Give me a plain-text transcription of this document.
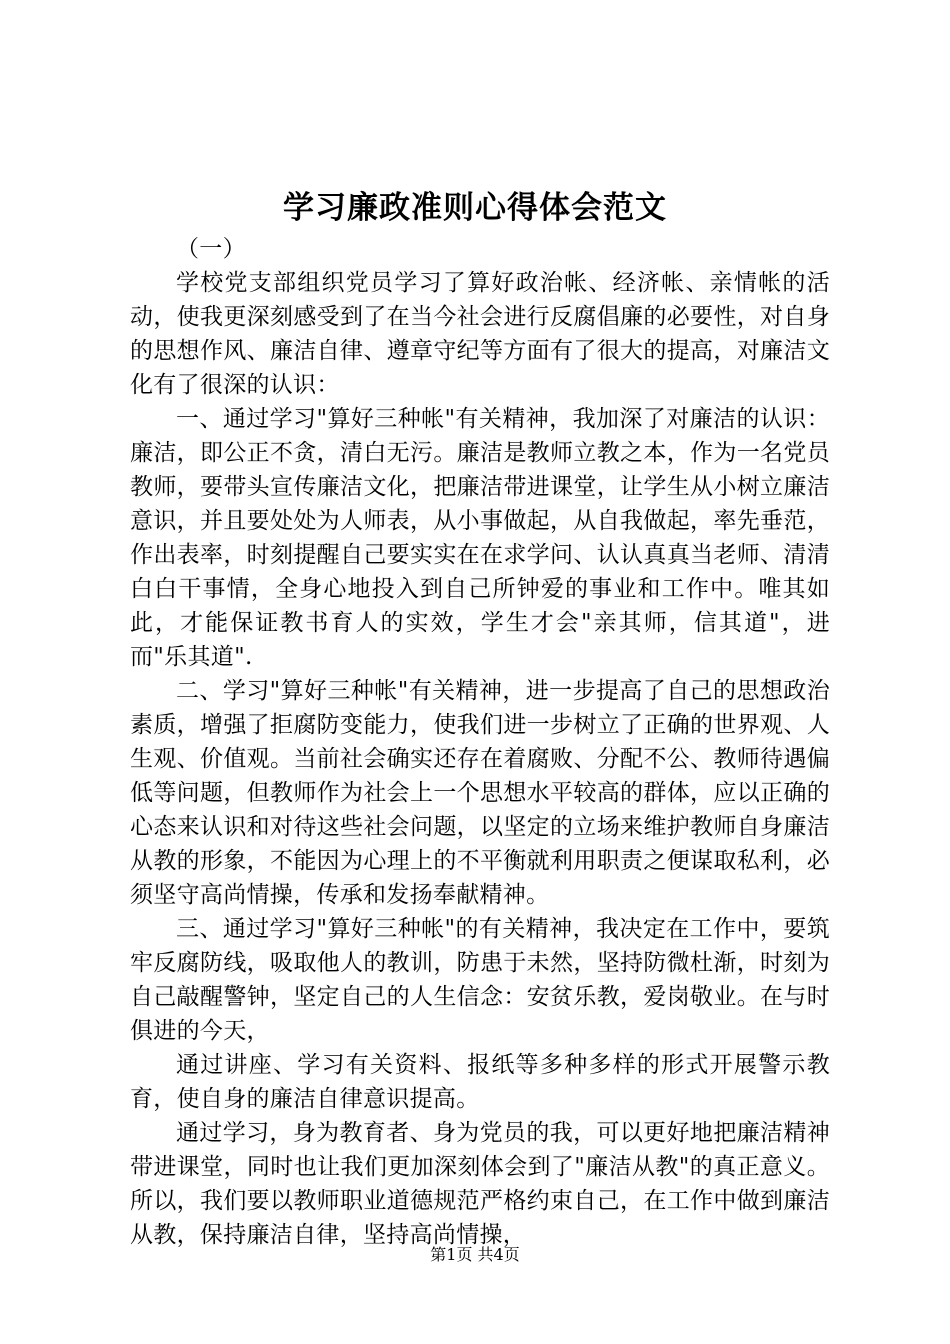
学习廉政准则心得体会范文

（一）

学校党支部组织党员学习了算好政治帐、经济帐、亲情帐的活动，使我更深刻感受到了在当今社会进行反腐倡廉的必要性，对自身的思想作风、廉洁自律、遵章守纪等方面有了很大的提高，对廉洁文化有了很深的认识：

一、通过学习"算好三种帐"有关精神，我加深了对廉洁的认识：廉洁，即公正不贪，清白无污。廉洁是教师立教之本，作为一名党员教师，要带头宣传廉洁文化，把廉洁带进课堂，让学生从小树立廉洁意识，并且要处处为人师表，从小事做起，从自我做起，率先垂范，作出表率，时刻提醒自己要实实在在求学问、认认真真当老师、清清白白干事情，全身心地投入到自己所钟爱的事业和工作中。唯其如此，才能保证教书育人的实效，学生才会"亲其师，信其道"，进而"乐其道".

二、学习"算好三种帐"有关精神，进一步提高了自己的思想政治素质，增强了拒腐防变能力，使我们进一步树立了正确的世界观、人生观、价值观。当前社会确实还存在着腐败、分配不公、教师待遇偏低等问题，但教师作为社会上一个思想水平较高的群体，应以正确的心态来认识和对待这些社会问题，以坚定的立场来维护教师自身廉洁从教的形象，不能因为心理上的不平衡就利用职责之便谋取私利，必须坚守高尚情操，传承和发扬奉献精神。

三、通过学习"算好三种帐"的有关精神，我决定在工作中，要筑牢反腐防线，吸取他人的教训，防患于未然，坚持防微杜渐，时刻为自己敲醒警钟，坚定自己的人生信念：安贫乐教，爱岗敬业。在与时俱进的今天，

通过讲座、学习有关资料、报纸等多种多样的形式开展警示教育，使自身的廉洁自律意识提高。

通过学习，身为教育者、身为党员的我，可以更好地把廉洁精神带进课堂，同时也让我们更加深刻体会到了"廉洁从教"的真正意义。所以，我们要以教师职业道德规范严格约束自己，在工作中做到廉洁从教，保持廉洁自律，坚持高尚情操，

第1页 共4页
